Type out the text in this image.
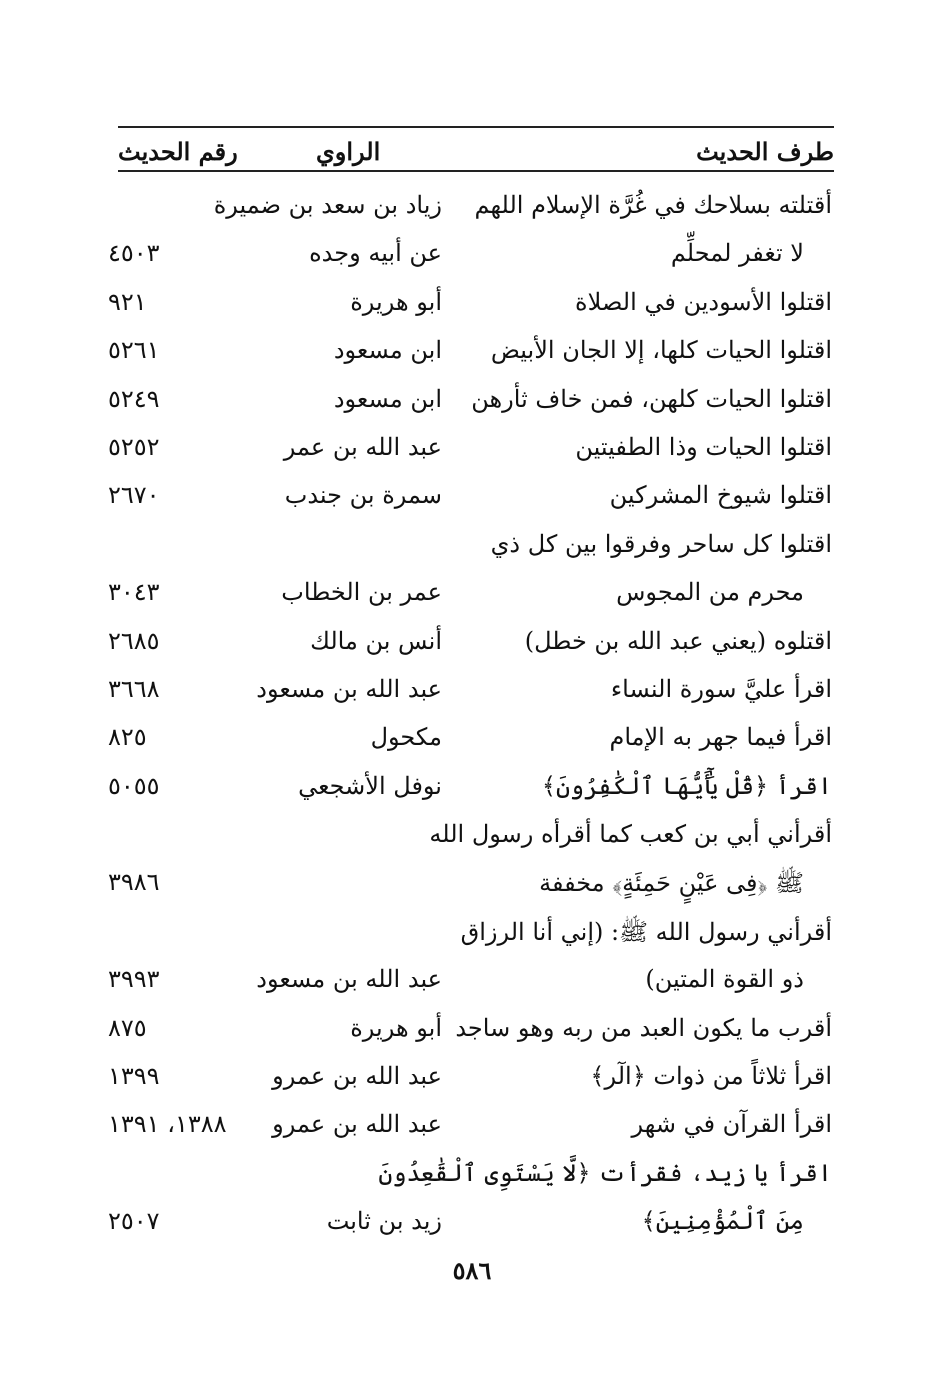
طرف الحديث
الراوي
رقم الحديث
أقتلته بسلاحك في غُرَّة الإسلام اللهم
زياد بن سعد بن ضميرة
لا تغفر لمحلِّم
عن أبيه وجده
٤٥٠٣
اقتلوا الأسودين في الصلاة
أبو هريرة
٩٢١
اقتلوا الحيات كلها، إلا الجان الأبيض
ابن مسعود
٥٢٦١
اقتلوا الحيات كلهن، فمن خاف ثأرهن
ابن مسعود
٥٢٤٩
اقتلوا الحيات وذا الطفيتين
عبد الله بن عمر
٥٢٥٢
اقتلوا شيوخ المشركين
سمرة بن جندب
٢٦٧٠
اقتلوا كل ساحر وفرقوا بين كل ذي
محرم من المجوس
عمر بن الخطاب
٣٠٤٣
اقتلوه (يعني عبد الله بن خطل)
أنس بن مالك
٢٦٨٥
اقرأ عليَّ سورة النساء
عبد الله بن مسعود
٣٦٦٨
اقرأ فيما جهر به الإمام
مكحول
٨٢٥
اقرأ ﴿قُلْ يَٰٓأَيُّهَا ٱلْكَٰفِرُونَ﴾
نوفل الأشجعي
٥٠٥٥
أقرأني أبي بن كعب كما أقرأه رسول الله
ﷺ ﴿فِى عَيْنٍ حَمِئَةٍ﴾ مخففة
٣٩٨٦
أقرأني رسول الله ﷺ: (إني أنا الرزاق
ذو القوة المتين)
عبد الله بن مسعود
٣٩٩٣
أقرب ما يكون العبد من ربه وهو ساجد
أبو هريرة
٨٧٥
اقرأ ثلاثاً من ذوات ﴿الٓر﴾
عبد الله بن عمرو
١٣٩٩
اقرأ القرآن في شهر
عبد الله بن عمرو
١٣٨٨، ١٣٩١
اقرأ يا زيد، فقرأت ﴿لَّا يَسْتَوِى ٱلْقَٰعِدُونَ
مِنَ ٱلْمُؤْمِنِينَ﴾
زيد بن ثابت
٢٥٠٧
٥٨٦
